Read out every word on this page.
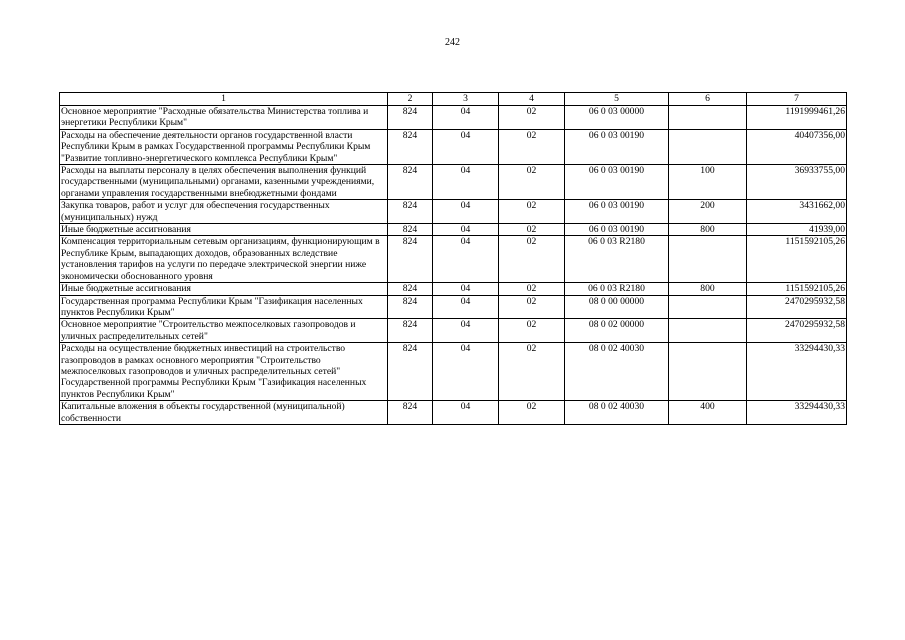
242
1	2	3	4	5	6	7
Основное мероприятие "Расходные обязательства Министерства топлива и энергетики Республики Крым"	824	04	02	06 0 03 00000		1191999461,26
Расходы на обеспечение деятельности органов государственной власти Республики Крым в рамках Государственной программы Республики Крым "Развитие топливно-энергетического комплекса Республики Крым"	824	04	02	06 0 03 00190		40407356,00
Расходы на выплаты персоналу в целях обеспечения выполнения функций государственными (муниципальными) органами, казенными учреждениями, органами управления государственными внебюджетными фондами	824	04	02	06 0 03 00190	100	36933755,00
Закупка товаров, работ и услуг для обеспечения государственных (муниципальных) нужд	824	04	02	06 0 03 00190	200	3431662,00
Иные бюджетные ассигнования	824	04	02	06 0 03 00190	800	41939,00
Компенсация территориальным сетевым организациям, функционирующим в Республике Крым, выпадающих доходов, образованных вследствие установления тарифов на услуги по передаче электрической энергии ниже экономически обоснованного уровня	824	04	02	06 0 03 R2180		1151592105,26
Иные бюджетные ассигнования	824	04	02	06 0 03 R2180	800	1151592105,26
Государственная программа Республики Крым "Газификация населенных пунктов Республики Крым"	824	04	02	08 0 00 00000		2470295932,58
Основное мероприятие "Строительство межпоселковых газопроводов и уличных распределительных сетей"	824	04	02	08 0 02 00000		2470295932,58
Расходы на осуществление бюджетных инвестиций на строительство газопроводов в рамках основного мероприятия "Строительство межпоселковых газопроводов и уличных распределительных сетей" Государственной программы Республики Крым "Газификация населенных пунктов Республики Крым"	824	04	02	08 0 02 40030		33294430,33
Капитальные вложения в объекты государственной (муниципальной) собственности	824	04	02	08 0 02 40030	400	33294430,33
